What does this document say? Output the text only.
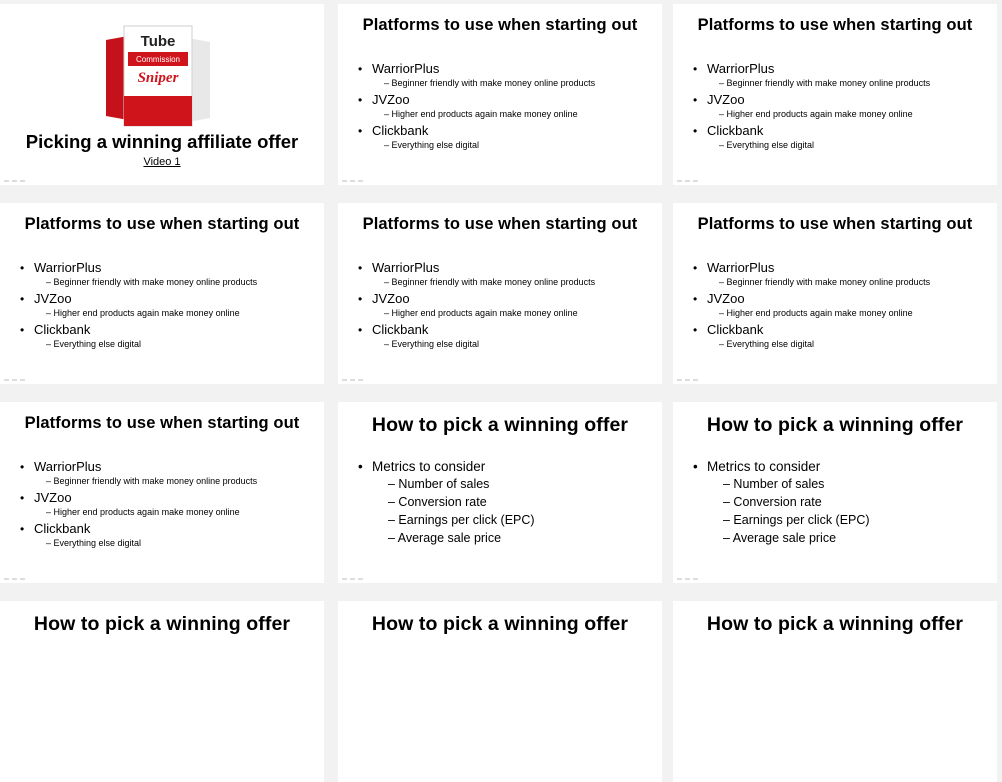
Tube
Commission
Sniper
Picking a winning affiliate offer
Video 1
Platforms to use when starting out
• WarriorPlus
– Beginner friendly with make money online products
• JVZoo
– Higher end products again make money online
• Clickbank
– Everything else digital
Platforms to use when starting out
• WarriorPlus
– Beginner friendly with make money online products
• JVZoo
– Higher end products again make money online
• Clickbank
– Everything else digital
Platforms to use when starting out
• WarriorPlus
– Beginner friendly with make money online products
• JVZoo
– Higher end products again make money online
• Clickbank
– Everything else digital
Platforms to use when starting out
• WarriorPlus
– Beginner friendly with make money online products
• JVZoo
– Higher end products again make money online
• Clickbank
– Everything else digital
Platforms to use when starting out
• WarriorPlus
– Beginner friendly with make money online products
• JVZoo
– Higher end products again make money online
• Clickbank
– Everything else digital
Platforms to use when starting out
• WarriorPlus
– Beginner friendly with make money online products
• JVZoo
– Higher end products again make money online
• Clickbank
– Everything else digital
How to pick a winning offer
• Metrics to consider
– Number of sales
– Conversion rate
– Earnings per click (EPC)
– Average sale price
How to pick a winning offer
• Metrics to consider
– Number of sales
– Conversion rate
– Earnings per click (EPC)
– Average sale price
How to pick a winning offer	How to pick a winning offer	How to pick a winning offer
